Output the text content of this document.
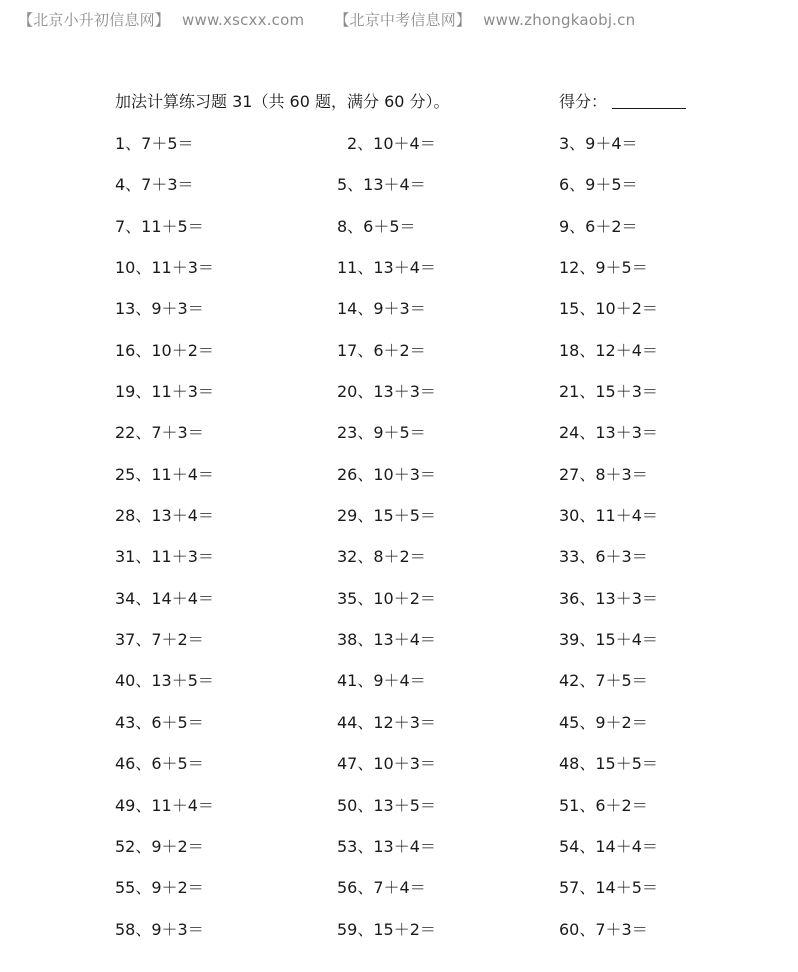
【北京小升初信息网】 www.xscxx.com 【北京中考信息网】 www.zhongkaobj.cn
加法计算练习题 31（共 60 题，满分 60 分）。	得分：
1、7＋5＝	2、10＋4＝	3、9＋4＝
4、7＋3＝	5、13＋4＝	6、9＋5＝
7、11＋5＝	8、6＋5＝	9、6＋2＝
10、11＋3＝	11、13＋4＝	12、9＋5＝
13、9＋3＝	14、9＋3＝	15、10＋2＝
16、10＋2＝	17、6＋2＝	18、12＋4＝
19、11＋3＝	20、13＋3＝	21、15＋3＝
22、7＋3＝	23、9＋5＝	24、13＋3＝
25、11＋4＝	26、10＋3＝	27、8＋3＝
28、13＋4＝	29、15＋5＝	30、11＋4＝
31、11＋3＝	32、8＋2＝	33、6＋3＝
34、14＋4＝	35、10＋2＝	36、13＋3＝
37、7＋2＝	38、13＋4＝	39、15＋4＝
40、13＋5＝	41、9＋4＝	42、7＋5＝
43、6＋5＝	44、12＋3＝	45、9＋2＝
46、6＋5＝	47、10＋3＝	48、15＋5＝
49、11＋4＝	50、13＋5＝	51、6＋2＝
52、9＋2＝	53、13＋4＝	54、14＋4＝
55、9＋2＝	56、7＋4＝	57、14＋5＝
58、9＋3＝	59、15＋2＝	60、7＋3＝
